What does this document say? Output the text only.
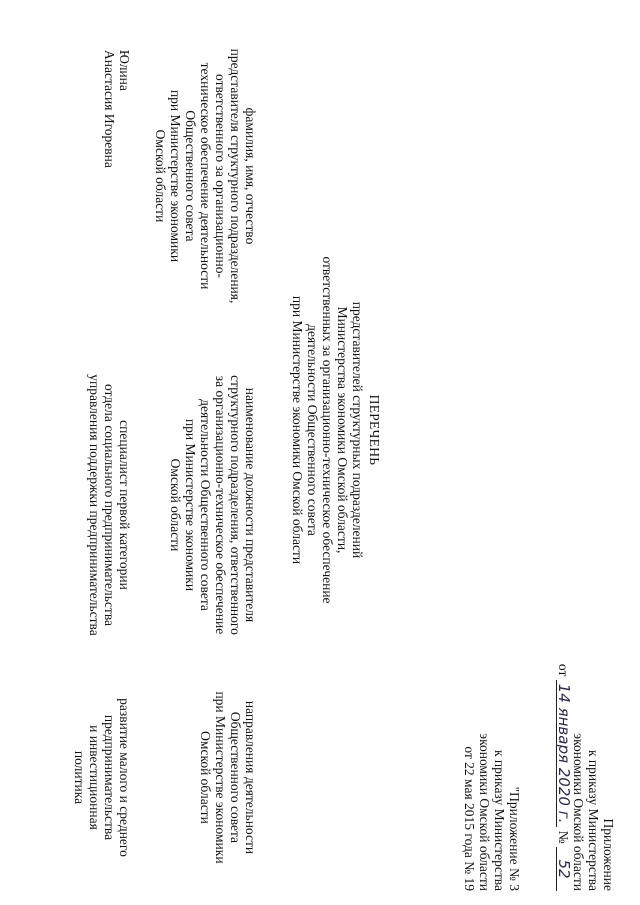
Приложение
к приказу Министерства
экономики Омской области
от 14 января 2020 г. № 52
"Приложение № 3
к приказу Министерства
экономики Омской области
от 22 мая 2015 года № 19
ПЕРЕЧЕНЬ
представителей структурных подразделений
Министерства экономики Омской области,
ответственных за организационно-техническое обеспечение
деятельности Общественного совета
при Министерстве экономики Омской области
фамилия, имя, отчество
представителя структурного подразделения,
ответственного за организационно-
техническое обеспечение деятельности
Общественного совета
при Министерстве экономики
Омской области
наименование должности представителя
структурного подразделения, ответственного
за организационно-техническое обеспечение
деятельности Общественного совета
при Министерстве экономики
Омской области
направления деятельности
Общественного совета
при Министерстве экономики
Омской области
Юлина
Анастасия Игоревна
специалист первой категории
отдела социального предпринимательства
управления поддержки предпринимательства
развитие малого и среднего
предпринимательства
и инвестиционная
политика
